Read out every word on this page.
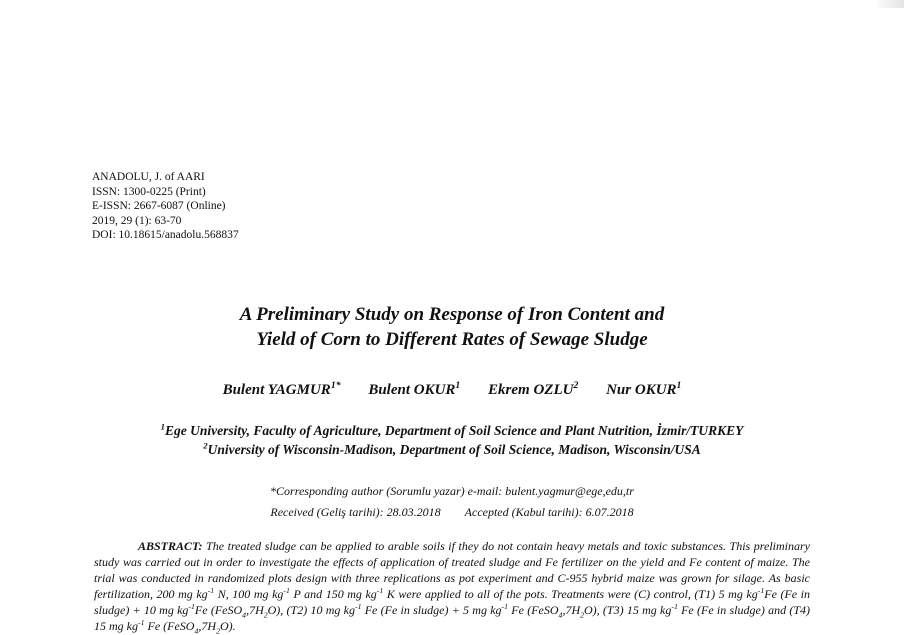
ANADOLU, J. of AARI
ISSN: 1300-0225 (Print)
E-ISSN: 2667-6087 (Online)
2019, 29 (1): 63-70
DOI: 10.18615/anadolu.568837
A Preliminary Study on Response of Iron Content and
Yield of Corn to Different Rates of Sewage Sludge
Bulent $YAGMUR^{1*}$ Bulent OKUR$^1$ Ekrem OZLU$^2$ Nur OKUR$^1$
$^1$Ege University, Faculty of Agriculture, Department of Soil Science and Plant Nutrition, İzmir/TURKEY
$^2$University of Wisconsin-Madison, Department of Soil Science, Madison, Wisconsin/USA
*Corresponding author (Sorumlu yazar) e-mail: bulent.yagmur@ege,edu,tr
Received (Geliş tarihi): 28.03.2018 Accepted (Kabul tarihi): 6.07.2018
ABSTRACT: The treated sludge can be applied to arable soils if they do not contain heavy metals and toxic substances. This preliminary study was carried out in order to investigate the effects of application of treated sludge and Fe fertilizer on the yield and Fe content of maize. The trial was conducted in randomized plots design with three replications as pot experiment and C-955 hybrid maize was grown for silage. As basic fertilization, 200 mg $kg^{-1}$ N, 100 mg $kg^{-1}$ P and 150 mg $kg^{-1}$ K were applied to all of the pots. Treatments were (C) control, (T1) 5 mg $kg^{-1}Fe$ (Fe in sludge) + 10 mg $kg^{-1}Fe$ $(FeSO_4,7H_2O)$, (T2) 10 mg $kg^{-1}$ Fe (Fe in sludge) + 5 mg $kg^{-1}$ Fe $(FeSO_4,7H_2O)$, (T3) 15 mg $kg^{-1}$ Fe (Fe in sludge) and (T4) 15 mg $kg^{-1}$ Fe $(FeSO_4,7H_2O)$.
